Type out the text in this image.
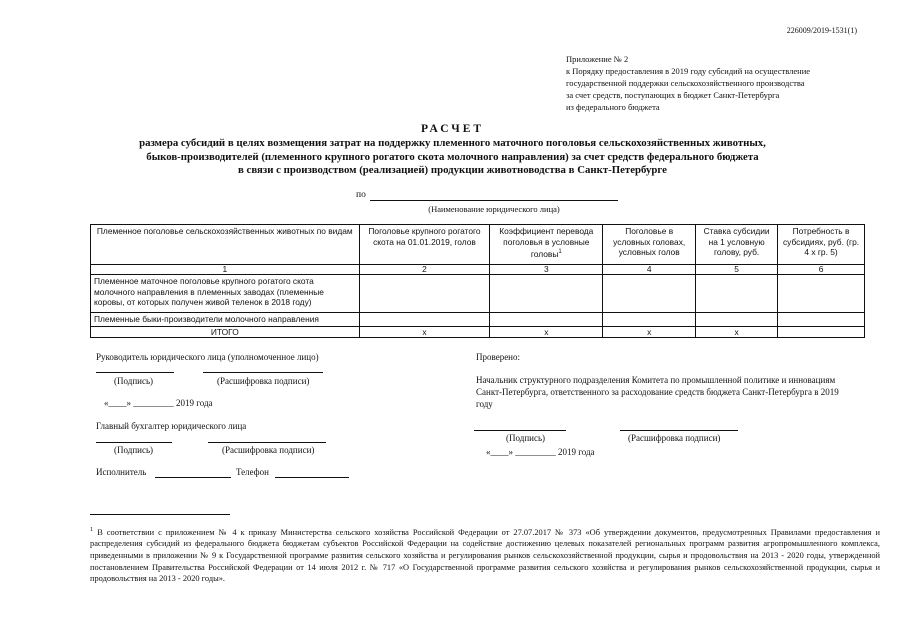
226009/2019-1531(1)
Приложение № 2
к Порядку предоставления в 2019 году субсидий на осуществление
государственной поддержки сельскохозяйственного производства
за счет средств, поступающих в бюджет Санкт-Петербурга
из федерального бюджета
РАСЧЕТ
размера субсидий в целях возмещения затрат на поддержку племенного маточного поголовья сельскохозяйственных животных,
быков-производителей (племенного крупного рогатого скота молочного направления) за счет средств федерального бюджета
в связи с производством (реализацией) продукции животноводства в Санкт-Петербурге
по
(Наименование юридического лица)
Племенное поголовье сельскохозяйственных животных по видам	Поголовье крупного рогатого скота на 01.01.2019, голов	Коэффициент перевода поголовья в условные головы$^1$	Поголовье в условных головах, условных голов	Ставка субсидии на 1 условную голову, руб.	Потребность в субсидиях, руб. (гр. 4 х гр. 5)
1	2	3	4	5	6
Племенное маточное поголовье крупного рогатого скота молочного направления в племенных заводах (племенные коровы, от которых получен живой теленок в 2018 году)					
Племенные быки-производители молочного направления					
ИТОГО	x	x	x	x	
Руководитель юридического лица (уполномоченное лицо)
(Подпись)	(Расшифровка подписи)
«____» _________ 2019 года
Главный бухгалтер юридического лица
(Подпись)	(Расшифровка подписи)
Исполнитель	Телефон
Проверено:
Начальник структурного подразделения Комитета по промышленной политике и инновациям Санкт-Петербурга, ответственного за расходование средств бюджета Санкт-Петербурга в 2019 году
(Подпись)	(Расшифровка подписи)
«____» _________ 2019 года
$^1$ В соответствии с приложением № 4 к приказу Министерства сельского хозяйства Российской Федерации от 27.07.2017 № 373 «Об утверждении документов, предусмотренных Правилами предоставления и распределения субсидий из федерального бюджета бюджетам субъектов Российской Федерации на содействие достижению целевых показателей региональных программ развития агропромышленного комплекса, приведенными в приложении № 9 к Государственной программе развития сельского хозяйства и регулирования рынков сельскохозяйственной продукции, сырья и продовольствия на 2013 - 2020 годы, утвержденной постановлением Правительства Российской Федерации от 14 июля 2012 г. № 717 «О Государственной программе развития сельского хозяйства и регулирования рынков сельскохозяйственной продукции, сырья и продовольствия на 2013 - 2020 годы».
